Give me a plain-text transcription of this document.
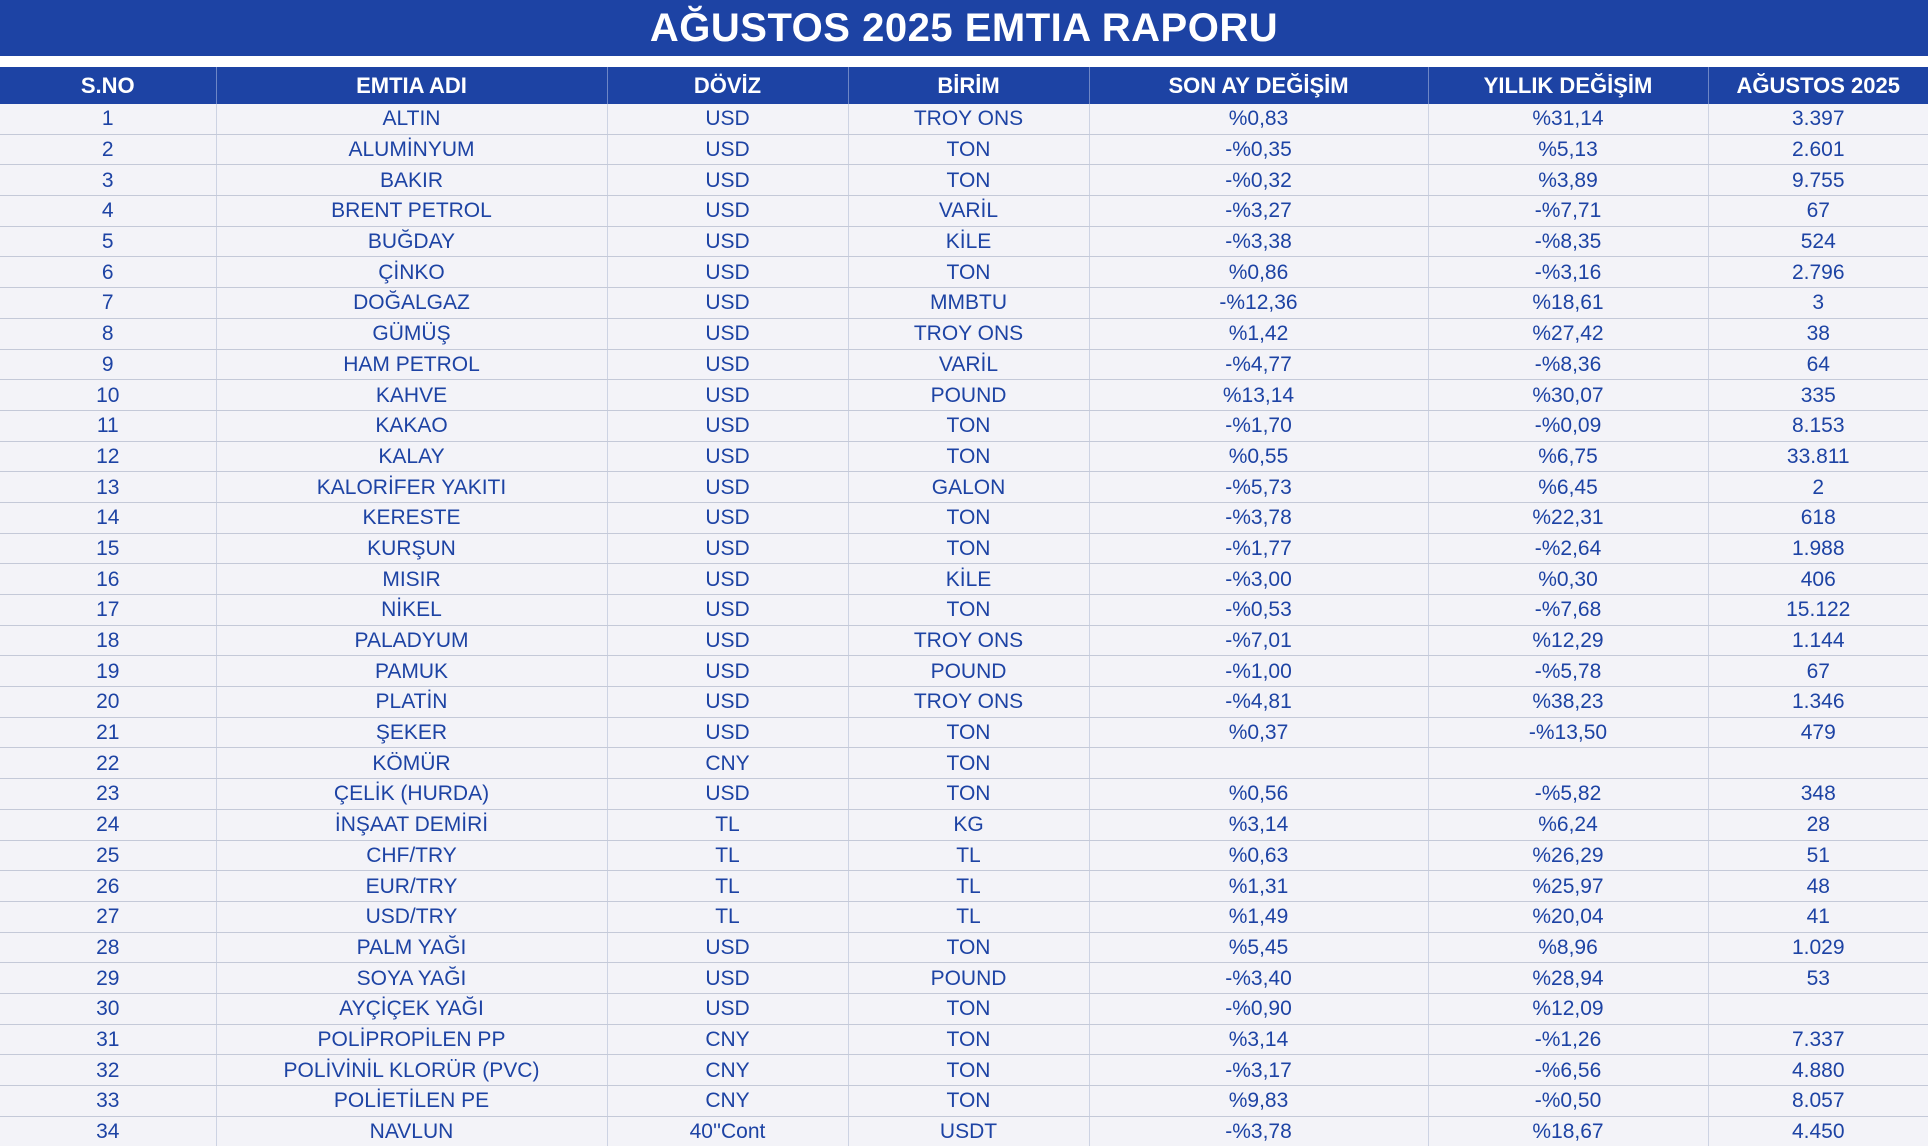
AĞUSTOS 2025 EMTIA RAPORU
S.NO	EMTIA ADI	DÖVİZ	BİRİM	SON AY DEĞİŞİM	YILLIK DEĞİŞİM	AĞUSTOS 2025
1	ALTIN	USD	TROY ONS	%0,83	%31,14	3.397
2	ALUMİNYUM	USD	TON	-%0,35	%5,13	2.601
3	BAKIR	USD	TON	-%0,32	%3,89	9.755
4	BRENT PETROL	USD	VARİL	-%3,27	-%7,71	67
5	BUĞDAY	USD	KİLE	-%3,38	-%8,35	524
6	ÇİNKO	USD	TON	%0,86	-%3,16	2.796
7	DOĞALGAZ	USD	MMBTU	-%12,36	%18,61	3
8	GÜMÜŞ	USD	TROY ONS	%1,42	%27,42	38
9	HAM PETROL	USD	VARİL	-%4,77	-%8,36	64
10	KAHVE	USD	POUND	%13,14	%30,07	335
11	KAKAO	USD	TON	-%1,70	-%0,09	8.153
12	KALAY	USD	TON	%0,55	%6,75	33.811
13	KALORİFER YAKITI	USD	GALON	-%5,73	%6,45	2
14	KERESTE	USD	TON	-%3,78	%22,31	618
15	KURŞUN	USD	TON	-%1,77	-%2,64	1.988
16	MISIR	USD	KİLE	-%3,00	%0,30	406
17	NİKEL	USD	TON	-%0,53	-%7,68	15.122
18	PALADYUM	USD	TROY ONS	-%7,01	%12,29	1.144
19	PAMUK	USD	POUND	-%1,00	-%5,78	67
20	PLATİN	USD	TROY ONS	-%4,81	%38,23	1.346
21	ŞEKER	USD	TON	%0,37	-%13,50	479
22	KÖMÜR	CNY	TON			
23	ÇELİK (HURDA)	USD	TON	%0,56	-%5,82	348
24	İNŞAAT DEMİRİ	TL	KG	%3,14	%6,24	28
25	CHF/TRY	TL	TL	%0,63	%26,29	51
26	EUR/TRY	TL	TL	%1,31	%25,97	48
27	USD/TRY	TL	TL	%1,49	%20,04	41
28	PALM YAĞI	USD	TON	%5,45	%8,96	1.029
29	SOYA YAĞI	USD	POUND	-%3,40	%28,94	53
30	AYÇİÇEK YAĞI	USD	TON	-%0,90	%12,09	
31	POLİPROPİLEN PP	CNY	TON	%3,14	-%1,26	7.337
32	POLİVİNİL KLORÜR (PVC)	CNY	TON	-%3,17	-%6,56	4.880
33	POLİETİLEN PE	CNY	TON	%9,83	-%0,50	8.057
34	NAVLUN	40''Cont	USDT	-%3,78	%18,67	4.450
